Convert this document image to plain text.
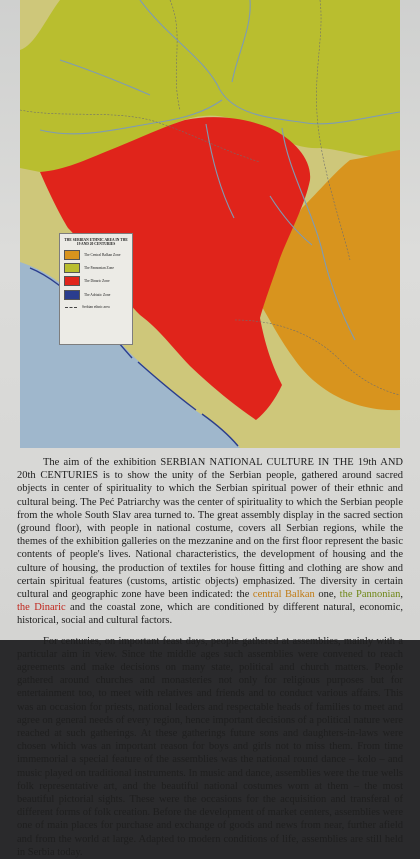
THE SERBIAN ETHNIC AREA IN THE 19 AND 20 CENTURIES
The Central Balkan Zone
The Pannonian Zone
The Dinaric Zone
The Adriatic Zone
Serbian ethnic area

The aim of the exhibition SERBIAN NATIONAL CULTURE IN THE 19th AND 20th CENTURIES is to show the unity of the Serbian people, gathered around sacred objects in center of spirituality to which the Serbian spiritual power of their ethnic and cultural being. The Peć Patriarchy was the center of spirituality to which the Serbian people from the whole South Slav area turned to. The great assembly display in the sacred section (ground floor), with people in national costume, covers all Serbian regions, while the themes of the exhibition galleries on the mezzanine and on the first floor represent the basic contents of people's lives. National characteristics, the development of housing and the culture of housing, the production of textiles for house fitting and clothing are show and certain spiritual features (customs, artistic objects) emphasized. The diversity in certain cultural and geographic zone have been indicated: the central Balkan one, the Pannonian, the Dinaric and the coastal zone, which are conditioned by different natural, economic, historical, social and cultural factors.

For centuries, on important feast days, people gathered at assemblies, mainly with a particular aim in view. Since the middle ages such assemblies were convened to reach agreements and make decisions on many state, political and church matters. People gathered around churches and monasteries not only for religious purposes but for entertainment too, to meet with relatives and friends and to conduct various affairs. This was an occasion for priests, national leaders and respectable heads of families to meet and agree on general needs of every region, hence important decisions of a political nature were reached at such gatherings. At these gatherings future sons and daughters-in-laws were chosen which was an important reason for boys and girls not to miss them. From time immemorial a special feature of the assemblies was the national round dance – kolo – and music played on traditional instruments. In music and dance, assemblies were the true wells folk representative art, and the beautiful national costumes worn at them – the most beautiful pictorial sights. These were the occasions for the acquisition and transferal of different forms of folk creation. Before the development of market centers, assemblies were one of main places for purchase and exchange of goods and news from near, further afield and from the world at large. Adapted to modern conditions of life, assemblies are still held in Serbia today.
